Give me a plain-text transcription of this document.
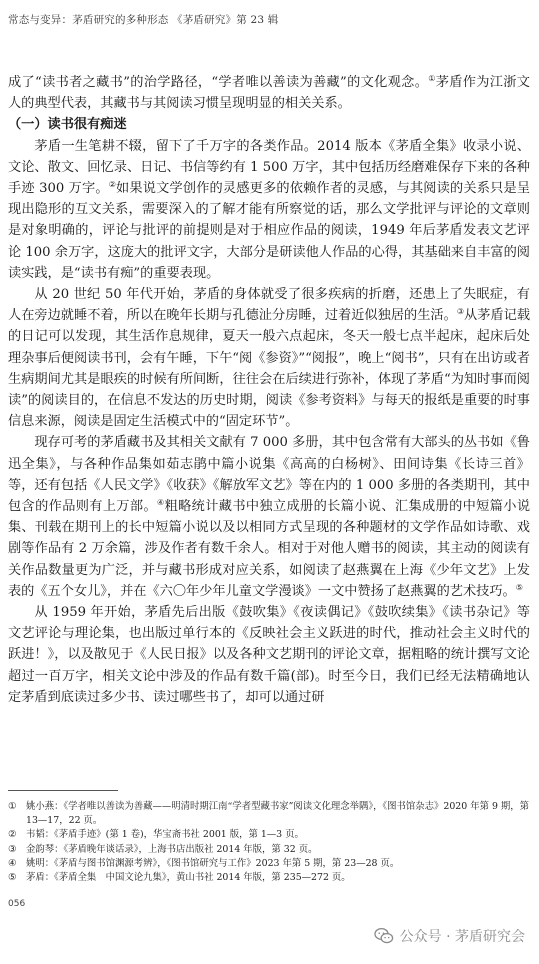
常态与变异：茅盾研究的多种形态 《茅盾研究》第 23 辑

成了“读书者之藏书”的治学路径，“学者唯以善读为善藏”的文化观念。①茅盾作为江浙文人的典型代表，其藏书与其阅读习惯呈现明显的相关关系。

（一）读书很有痴迷

茅盾一生笔耕不辍，留下了千万字的各类作品。2014 版本《茅盾全集》收录小说、文论、散文、回忆录、日记、书信等约有 1 500 万字，其中包括历经磨难保存下来的各种手迹 300 万字。②如果说文学创作的灵感更多的依赖作者的灵感，与其阅读的关系只是呈现出隐形的互文关系，需要深入的了解才能有所察觉的话，那么文学批评与评论的文章则是对象明确的，评论与批评的前提则是对于相应作品的阅读，1949 年后茅盾发表文艺评论 100 余万字，这庞大的批评文字，大部分是研读他人作品的心得，其基础来自丰富的阅读实践，是“读书有痴”的重要表现。

从 20 世纪 50 年代开始，茅盾的身体就受了很多疾病的折磨，还患上了失眠症，有人在旁边就睡不着，所以在晚年长期与孔德沚分房睡，过着近似独居的生活。③从茅盾记载的日记可以发现，其生活作息规律，夏天一般六点起床，冬天一般七点半起床，起床后处理杂事后便阅读书刊，会有午睡，下午“阅《参资》”“阅报”，晚上“阅书”，只有在出访或者生病期间尤其是眼疾的时候有所间断，往往会在后续进行弥补，体现了茅盾“为知时事而阅读”的阅读目的，在信息不发达的历史时期，阅读《参考资料》与每天的报纸是重要的时事信息来源，阅读是固定生活模式中的“固定环节”。

现存可考的茅盾藏书及其相关文献有 7 000 多册，其中包含常有大部头的丛书如《鲁迅全集》，与各种作品集如茹志鹃中篇小说集《高高的白杨树》、田间诗集《长诗三首》等，还有包括《人民文学》《收获》《解放军文艺》等在内的 1 000 多册的各类期刊，其中包含的作品则有上万部。④粗略统计藏书中独立成册的长篇小说、汇集成册的中短篇小说集、刊载在期刊上的长中短篇小说以及以相同方式呈现的各种题材的文学作品如诗歌、戏剧等作品有 2 万余篇，涉及作者有数千余人。相对于对他人赠书的阅读，其主动的阅读有关作品数量更为广泛，并与藏书形成对应关系，如阅读了赵燕翼在上海《少年文艺》上发表的《五个女儿》，并在《六〇年少年儿童文学漫谈》一文中赞扬了赵燕翼的艺术技巧。⑤

从 1959 年开始，茅盾先后出版《鼓吹集》《夜读偶记》《鼓吹续集》《读书杂记》等文艺评论与理论集，也出版过单行本的《反映社会主义跃进的时代，推动社会主义时代的跃进！》，以及散见于《人民日报》以及各种文艺期刊的评论文章，据粗略的统计撰写文论超过一百万字，相关文论中涉及的作品有数千篇(部)。时至今日，我们已经无法精确地认定茅盾到底读过多少书、读过哪些书了，却可以通过研

①	姚小燕：《学者唯以善读为善藏——明清时期江南“学者型藏书家”阅读文化理念举隅》，《图书馆杂志》2020 年第 9 期，第 13—17，22 页。
②	韦韬：《茅盾手迹》(第 1 卷)，华宝斋书社 2001 版，第 1—3 页。
③	金韵琴：《茅盾晚年谈话录》，上海书店出版社 2014 年版，第 32 页。
④	姚明：《茅盾与图书馆渊源考辨》，《图书馆研究与工作》2023 年第 5 期，第 23—28 页。
⑤	茅盾：《茅盾全集　中国文论九集》，黄山书社 2014 年版，第 235—272 页。
056
公众号 · 茅盾研究会
